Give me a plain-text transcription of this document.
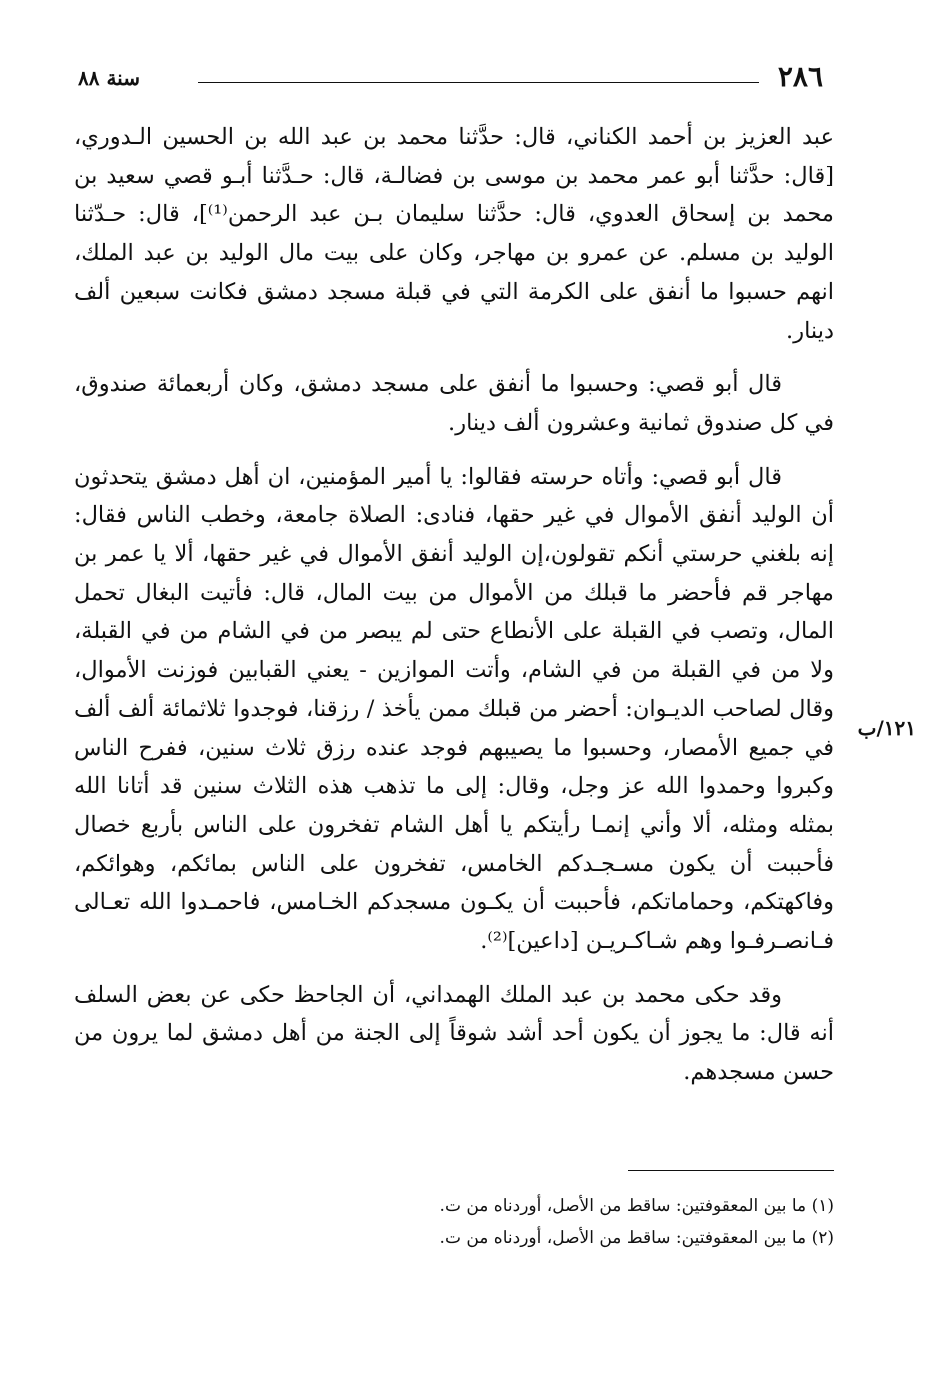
٢٨٦
سنة ٨٨
١٢١/ب

عبد العزيز بن أحمد الكناني، قال: حدَّثنا محمد بن عبد الله بن الحسين الـدوري، [قال: حدَّثنا أبو عمر محمد بن موسى بن فضالـة، قال: حـدَّثنا أبـو قصي سعيد بن محمد بن إسحاق العدوي، قال: حدَّثنا سليمان بـن عبد الرحمن⁽¹⁾]، قال: حـدّثنا الوليد بن مسلم. عن عمرو بن مهاجر، وكان على بيت مال الوليد بن عبد الملك، انهم حسبوا ما أنفق على الكرمة التي في قبلة مسجد دمشق فكانت سبعين ألف دينار.

قال أبو قصي: وحسبوا ما أنفق على مسجد دمشق، وكان أربعمائة صندوق، في كل صندوق ثمانية وعشرون ألف دينار.

قال أبو قصي: وأتاه حرسته فقالوا: يا أمير المؤمنين، ان أهل دمشق يتحدثون أن الوليد أنفق الأموال في غير حقها، فنادى: الصلاة جامعة، وخطب الناس فقال: إنه بلغني حرستي أنكم تقولون،إن الوليد أنفق الأموال في غير حقها، ألا يا عمر بن مهاجر قم فأحضر ما قبلك من الأموال من بيت المال، قال: فأتيت البغال تحمل المال، وتصب في القبلة على الأنطاع حتى لم يبصر من في الشام من في القبلة، ولا من في القبلة من في الشام، وأتت الموازين - يعني القبابين فوزنت الأموال، وقال لصاحب الديـوان: أحضر من قبلك ممن يأخذ / رزقنا، فوجدوا ثلاثمائة ألف ألف في جميع الأمصار، وحسبوا ما يصيبهم فوجد عنده رزق ثلاث سنين، ففرح الناس وكبروا وحمدوا الله عز وجل، وقال: إلى ما تذهب هذه الثلاث سنين قد أتانا الله بمثله ومثله، ألا وأني إنمـا رأيتكم يا أهل الشام تفخرون على الناس بأربع خصال فأحببت أن يكون مسـجـدكم الخامس، تفخرون على الناس بمائكم، وهوائكم، وفاكهتكم، وحماماتكم، فأحببت أن يكـون مسجدكم الخـامس، فاحمـدوا الله تعـالى فـانصـرفـوا وهم شـاكـريـن [داعين]⁽²⁾.

وقد حكى محمد بن عبد الملك الهمداني، أن الجاحظ حكى عن بعض السلف أنه قال: ما يجوز أن يكون أحد أشد شوقاً إلى الجنة من أهل دمشق لما يرون من حسن مسجدهم.

(١) ما بين المعقوفتين: ساقط من الأصل، أوردناه من ت.

(٢) ما بين المعقوفتين: ساقط من الأصل، أوردناه من ت.
